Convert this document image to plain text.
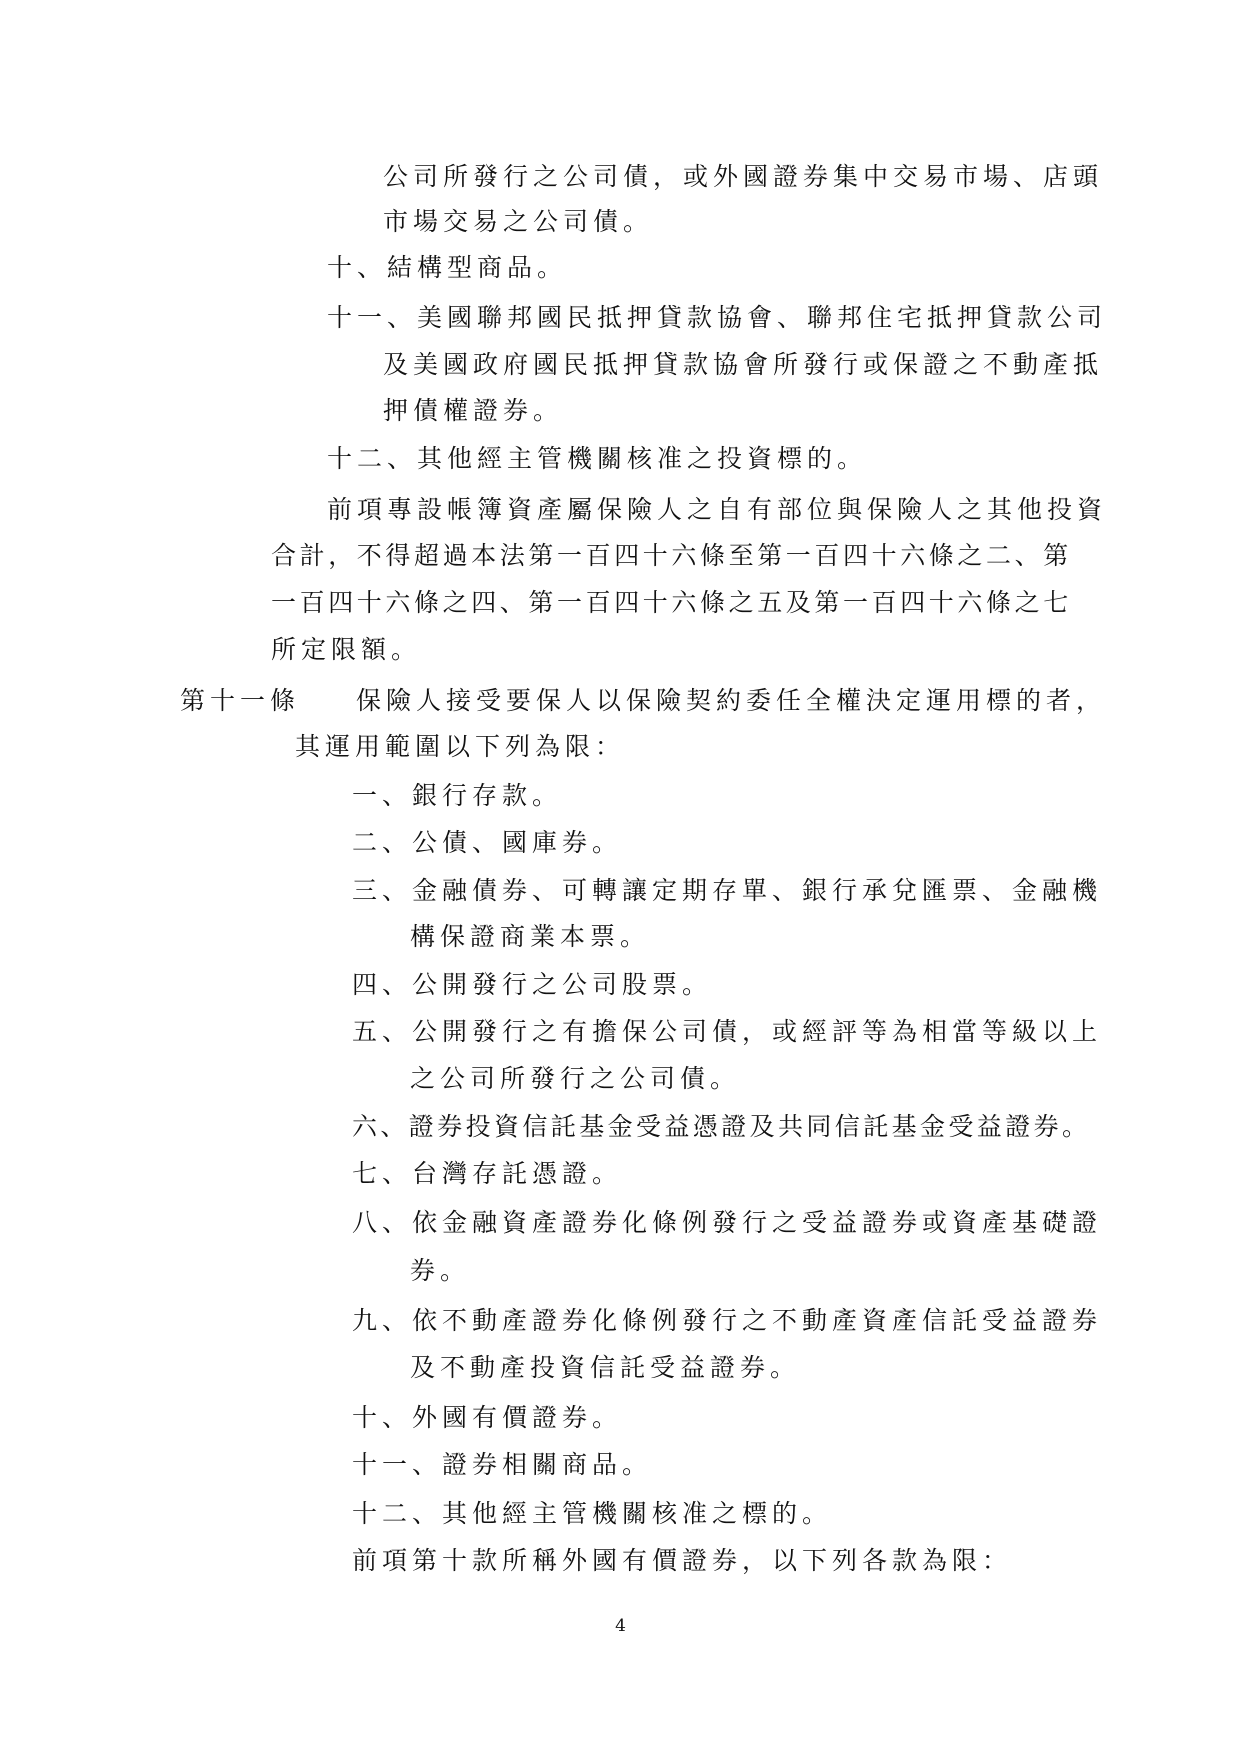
公司所發行之公司債，或外國證券集中交易市場、店頭
市場交易之公司債。
十、結構型商品。
十一、美國聯邦國民抵押貸款協會、聯邦住宅抵押貸款公司
及美國政府國民抵押貸款協會所發行或保證之不動產抵
押債權證券。
十二、其他經主管機關核准之投資標的。
前項專設帳簿資產屬保險人之自有部位與保險人之其他投資
合計，不得超過本法第一百四十六條至第一百四十六條之二、第
一百四十六條之四、第一百四十六條之五及第一百四十六條之七
所定限額。
第十一條 保險人接受要保人以保險契約委任全權決定運用標的者，
其運用範圍以下列為限：
一、銀行存款。
二、公債、國庫券。
三、金融債券、可轉讓定期存單、銀行承兌匯票、金融機
構保證商業本票。
四、公開發行之公司股票。
五、公開發行之有擔保公司債，或經評等為相當等級以上
之公司所發行之公司債。
六、證券投資信託基金受益憑證及共同信託基金受益證券。
七、台灣存託憑證。
八、依金融資產證券化條例發行之受益證券或資產基礎證
券。
九、依不動產證券化條例發行之不動產資產信託受益證券
及不動產投資信託受益證券。
十、外國有價證券。
十一、證券相關商品。
十二、其他經主管機關核准之標的。
前項第十款所稱外國有價證券，以下列各款為限：
4
